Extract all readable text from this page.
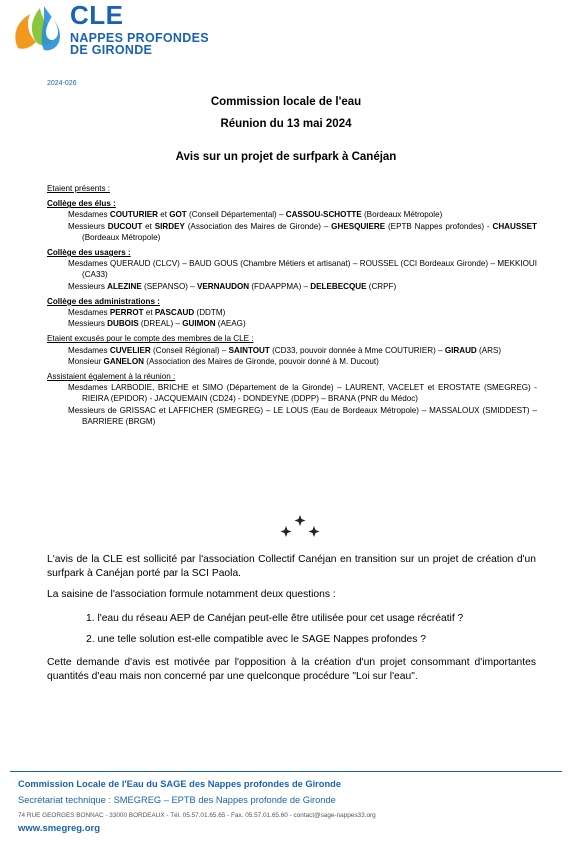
CLE
NAPPES PROFONDES
DE GIRONDE
2024-026
Commission locale de l'eau
Réunion du 13 mai 2024
Avis sur un projet de surfpark à Canéjan
Etaient présents :
Collège des élus :
Mesdames COUTURIER et GOT (Conseil Départemental) – CASSOU-SCHOTTE (Bordeaux Métropole)
Messieurs DUCOUT et SIRDEY (Association des Maires de Gironde) – GHESQUIERE (EPTB Nappes profondes) - CHAUSSET (Bordeaux Métropole)
Collège des usagers :
Mesdames QUERAUD (CLCV) – BAUD GOUS (Chambre Métiers et artisanat) – ROUSSEL (CCI Bordeaux Gironde) – MEKKIOUI (CA33)
Messieurs ALEZINE (SEPANSO) – VERNAUDON (FDAAPPMA) – DELEBECQUE (CRPF)
Collège des administrations :
Mesdames PERROT et PASCAUD (DDTM)
Messieurs DUBOIS (DREAL) – GUIMON (AEAG)
Etaient excusés pour le compte des membres de la CLE :
Mesdames CUVELIER (Conseil Régional) – SAINTOUT (CD33, pouvoir donnée à Mme COUTURIER) – GIRAUD (ARS)
Monsieur GANELON (Association des Maires de Gironde, pouvoir donné à M. Ducout)
Assistaient également à la réunion :
Mesdames LARBODIE, BRICHE et SIMO (Département de la Gironde) – LAURENT, VACELET et EROSTATE (SMEGREG) - RIEIRA (EPIDOR) - JACQUEMAIN (CD24) - DONDEYNE (DDPP) – BRANA (PNR du Médoc)
Messieurs de GRISSAC et LAFFICHER (SMEGREG) – LE LOUS (Eau de Bordeaux Métropole) – MASSALOUX (SMIDDEST) – BARRIERE (BRGM)
L'avis de la CLE est sollicité par l'association Collectif Canéjan en transition sur un projet de création d'un surfpark à Canéjan porté par la SCI Paola.
La saisine de l'association formule notamment deux questions :
1. l'eau du réseau AEP de Canéjan peut-elle être utilisée pour cet usage récréatif ?
2. une telle solution est-elle compatible avec le SAGE Nappes profondes ?
Cette demande d'avis est motivée par l'opposition à la création d'un projet consommant d'importantes quantités d'eau mais non concerné par une quelconque procédure "Loi sur l'eau".
Commission Locale de l'Eau du SAGE des Nappes profondes de Gironde
Secrétariat technique : SMEGREG – EPTB des Nappes profonde de Gironde
74 RUE GEORGES BONNAC - 33000 BORDEAUX - Tél. 05.57.01.65.65 - Fax. 05.57.01.65.60 - contact@sage-nappes33.org
www.smegreg.org
